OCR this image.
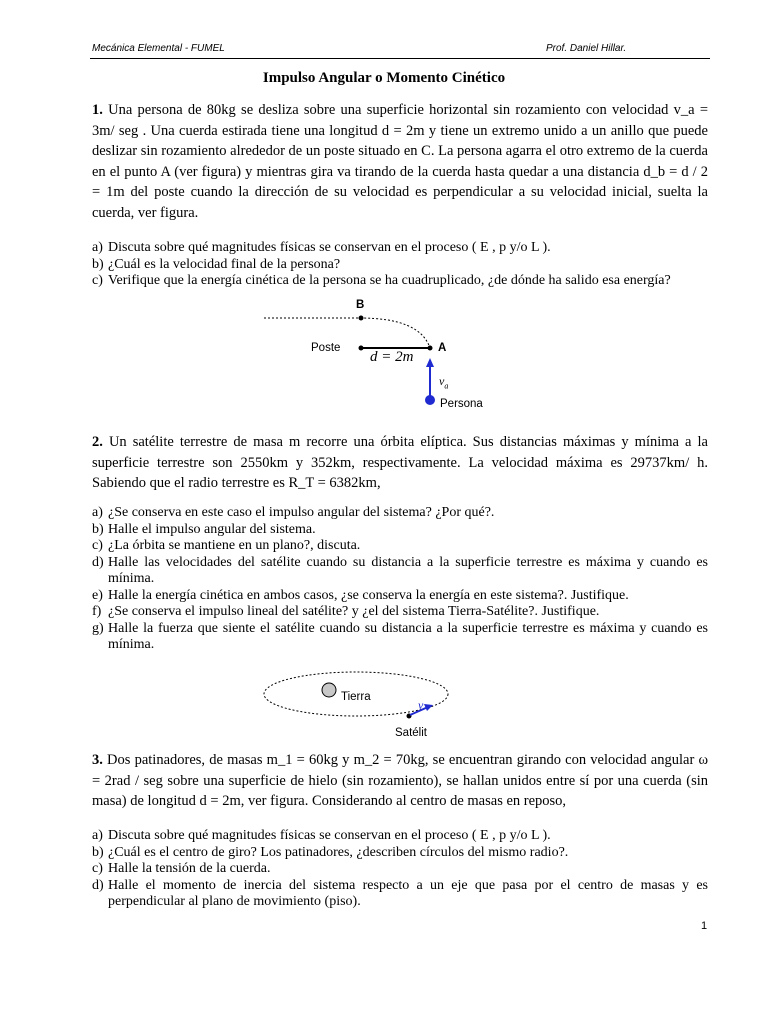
Mecánica Elemental - FUMEL	Prof. Daniel Hillar.
Impulso Angular o Momento Cinético
1. Una persona de 80kg se desliza sobre una superficie horizontal sin rozamiento con velocidad v_a = 3m/ seg . Una cuerda estirada tiene una longitud d = 2m y tiene un extremo unido a un anillo que puede deslizar sin rozamiento alrededor de un poste situado en C. La persona agarra el otro extremo de la cuerda en el punto A (ver figura) y mientras gira va tirando de la cuerda hasta quedar a una distancia d_b = d / 2 = 1m del poste cuando la dirección de su velocidad es perpendicular a su velocidad inicial, suelta la cuerda, ver figura.
a) Discuta sobre qué magnitudes físicas se conservan en el proceso ( E , p y/o L ).
b) ¿Cuál es la velocidad final de la persona?
c) Verifique que la energía cinética de la persona se ha cuadruplicado, ¿de dónde ha salido esa energía?
B
A
Poste
d = 2m
$v_a$
Persona
2. Un satélite terrestre de masa m recorre una órbita elíptica. Sus distancias máximas y mínima a la superficie terrestre son 2550km y 352km, respectivamente. La velocidad máxima es 29737km/ h. Sabiendo que el radio terrestre es R_T = 6382km,
a) ¿Se conserva en este caso el impulso angular del sistema? ¿Por qué?.
b) Halle el impulso angular del sistema.
c) ¿La órbita se mantiene en un plano?, discuta.
d) Halle las velocidades del satélite cuando su distancia a la superficie terrestre es máxima y cuando es mínima.
e) Halle la energía cinética en ambos casos, ¿se conserva la energía en este sistema?. Justifique.
f) ¿Se conserva el impulso lineal del satélite? y ¿el del sistema Tierra-Satélite?. Justifique.
g) Halle la fuerza que siente el satélite cuando su distancia a la superficie terrestre es máxima y cuando es mínima.
Tierra
v
Satélit
3. Dos patinadores, de masas m_1 = 60kg y m_2 = 70kg, se encuentran girando con velocidad angular ω = 2rad / seg sobre una superficie de hielo (sin rozamiento), se hallan unidos entre sí por una cuerda (sin masa) de longitud d = 2m, ver figura. Considerando al centro de masas en reposo,
a) Discuta sobre qué magnitudes físicas se conservan en el proceso ( E , p y/o L ).
b) ¿Cuál es el centro de giro? Los patinadores, ¿describen círculos del mismo radio?.
c) Halle la tensión de la cuerda.
d) Halle el momento de inercia del sistema respecto a un eje que pasa por el centro de masas y es perpendicular al plano de movimiento (piso).
1
